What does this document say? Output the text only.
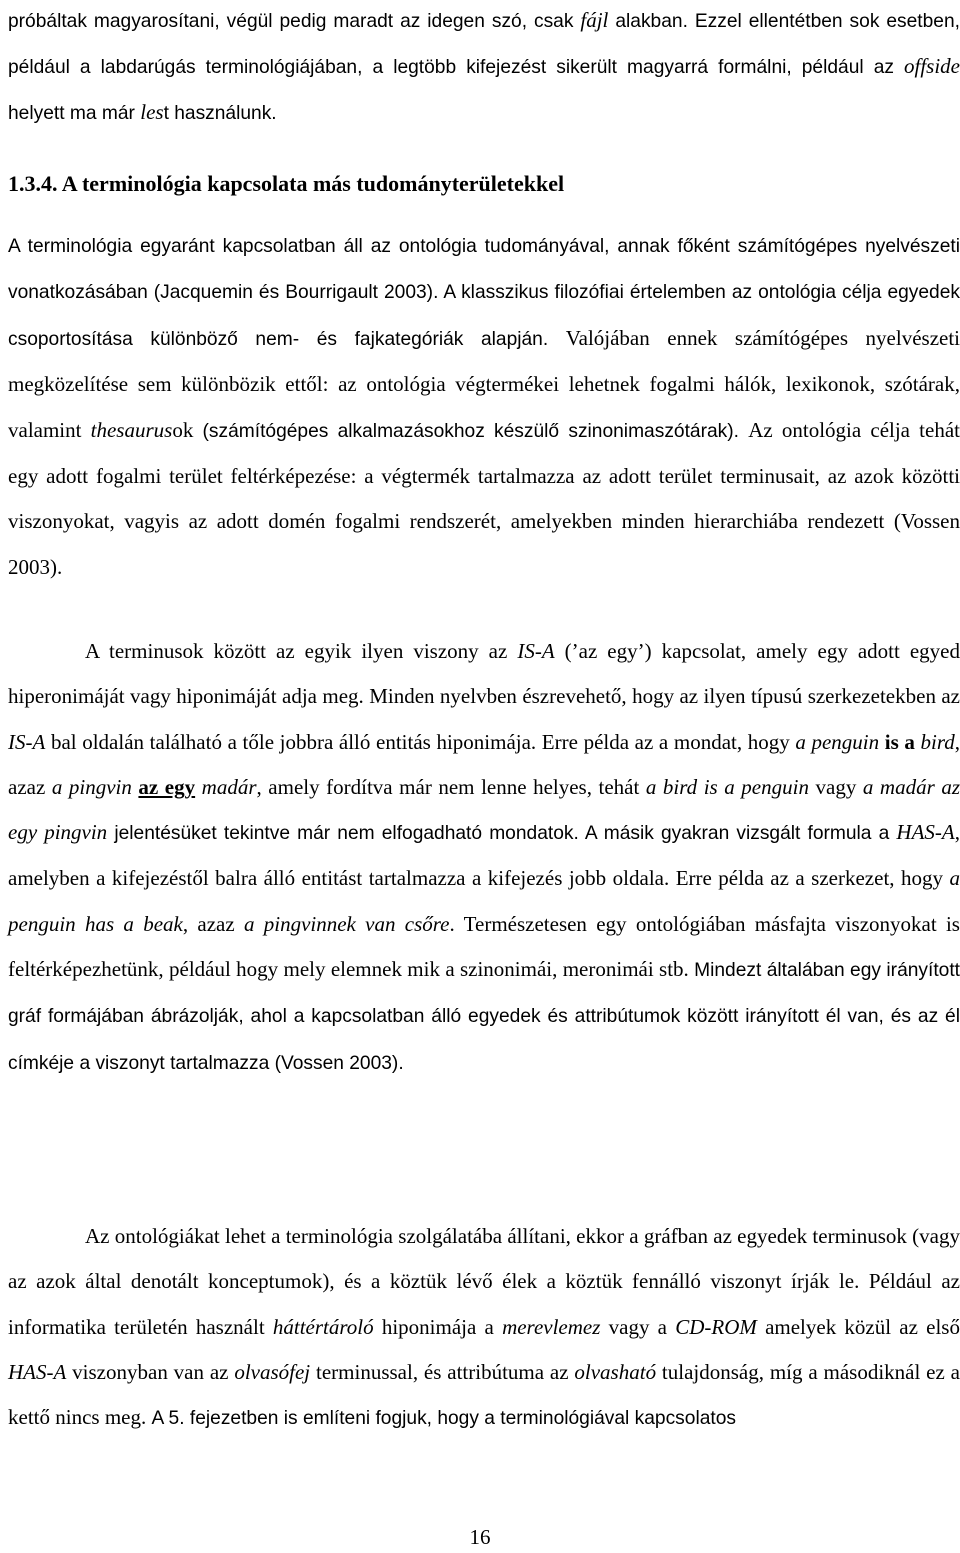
próbáltak magyarosítani, végül pedig maradt az idegen szó, csak fájl alakban. Ezzel ellentétben sok esetben, például a labdarúgás terminológiájában, a legtöbb kifejezést sikerült magyarrá formálni, például az offside helyett ma már lest használunk.

1.3.4. A terminológia kapcsolata más tudományterületekkel

A terminológia egyaránt kapcsolatban áll az ontológia tudományával, annak főként számítógépes nyelvészeti vonatkozásában (Jacquemin és Bourrigault 2003). A klasszikus filozófiai értelemben az ontológia célja egyedek csoportosítása különböző nem- és fajkategóriák alapján. Valójában ennek számítógépes nyelvészeti megközelítése sem különbözik ettől: az ontológia végtermékei lehetnek fogalmi hálók, lexikonok, szótárak, valamint thesaurusok (számítógépes alkalmazásokhoz készülő szinonimaszótárak). Az ontológia célja tehát egy adott fogalmi terület feltérképezése: a végtermék tartalmazza az adott terület terminusait, az azok közötti viszonyokat, vagyis az adott domén fogalmi rendszerét, amelyekben minden hierarchiába rendezett (Vossen 2003).

A terminusok között az egyik ilyen viszony az IS-A (’az egy’) kapcsolat, amely egy adott egyed hiperonimáját vagy hiponimáját adja meg. Minden nyelvben észrevehető, hogy az ilyen típusú szerkezetekben az IS-A bal oldalán található a tőle jobbra álló entitás hiponimája. Erre példa az a mondat, hogy a penguin is a bird, azaz a pingvin az egy madár, amely fordítva már nem lenne helyes, tehát a bird is a penguin vagy a madár az egy pingvin jelentésüket tekintve már nem elfogadható mondatok. A másik gyakran vizsgált formula a HAS-A, amelyben a kifejezéstől balra álló entitást tartalmazza a kifejezés jobb oldala. Erre példa az a szerkezet, hogy a penguin has a beak, azaz a pingvinnek van csőre. Természetesen egy ontológiában másfajta viszonyokat is feltérképezhetünk, például hogy mely elemnek mik a szinonimái, meronimái stb. Mindezt általában egy irányított gráf formájában ábrázolják, ahol a kapcsolatban álló egyedek és attribútumok között irányított él van, és az él címkéje a viszonyt tartalmazza (Vossen 2003).

Az ontológiákat lehet a terminológia szolgálatába állítani, ekkor a gráfban az egyedek terminusok (vagy az azok által denotált konceptumok), és a köztük lévő élek a köztük fennálló viszonyt írják le. Például az informatika területén használt háttértároló hiponimája a merevlemez vagy a CD-ROM amelyek közül az első HAS-A viszonyban van az olvasófej terminussal, és attribútuma az olvasható tulajdonság, míg a másodiknál ez a kettő nincs meg. A 5. fejezetben is említeni fogjuk, hogy a terminológiával kapcsolatos

16
